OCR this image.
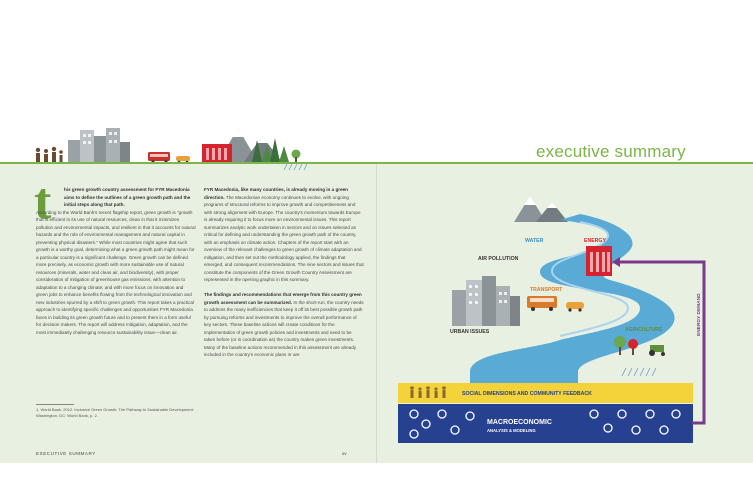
executive summary
t	his green growth country assessment for FYR Macedonia aims to define the outlines of a green growth path and the initial steps along that path.
According to the World Bank's recent flagship report, green growth is "growth that is efficient in its use of natural resources, clean in that it minimizes pollution and environmental impacts, and resilient in that it accounts for natural hazards and the role of environmental management and natural capital in preventing physical disasters." While most countries might agree that such growth is a worthy goal, determining what a green growth path might mean for a particular country is a significant challenge. Green growth can be defined more precisely, as economic growth with more sustainable use of natural resources (minerals, water and clean air, and biodiversity), with proper consideration of mitigation of greenhouse gas emissions, with attention to adaptation to a changing climate; and with more focus on innovation and green jobs to enhance benefits flowing from the technological innovation and new industries spurred by a shift to green growth. This report takes a practical approach to identifying specific challenges and opportunities FYR Macedonia faces in building its green growth future and to present them in a form useful for decision makers. The report will address mitigation, adaptation, and the most immediately challenging resource sustainability issue—clean air.
FYR Macedonia, like many countries, is already moving in a green direction. The Macedonian economy continues to evolve, with ongoing programs of structural reforms to improve growth and competitiveness and with strong alignment with Europe. The country's momentum towards Europe is already requiring it to focus more on environmental issues. This report summarizes analytic work undertaken in sectors and on issues selected as critical for defining and understanding the green growth path of the country, with an emphasis on climate action. Chapters of the report start with an overview of the relevant challenges to green growth of climate adaptation and mitigation, and then set out the methodology applied, the findings that emerged, and consequent recommendations. The nine sectors and issues that constitute the components of the Green Growth Country Assessment are represented in the opening graphic in this summary.

The findings and recommendations that emerge from this country green growth assessment can be summarized. In the short-run, the country needs to address the many inefficiencies that keep it off its best possible growth path by pursuing reforms and investments to improve the overall performance of key sectors. These baseline actions will create conditions for the implementation of green growth policies and investments and need to be taken before (or in coordination as) the country makes green investments. Many of the baseline actions recommended in this assessment are already included in the country's economic plans or are
1. World Bank. 2012. Inclusive Green Growth: The Pathway to Sustainable Development. Washington, DC: World Bank, p. 2.
EXECUTIVE SUMMARY	xv
WATER	ENERGY
AIR POLLUTION
TRANSPORT
URBAN ISSUES	AGRICULTURE	ENERGY DEMAND
SOCIAL DIMENSIONS AND COMMUNITY FEEDBACK
MACROECONOMIC
ANALYSIS & MODELING
